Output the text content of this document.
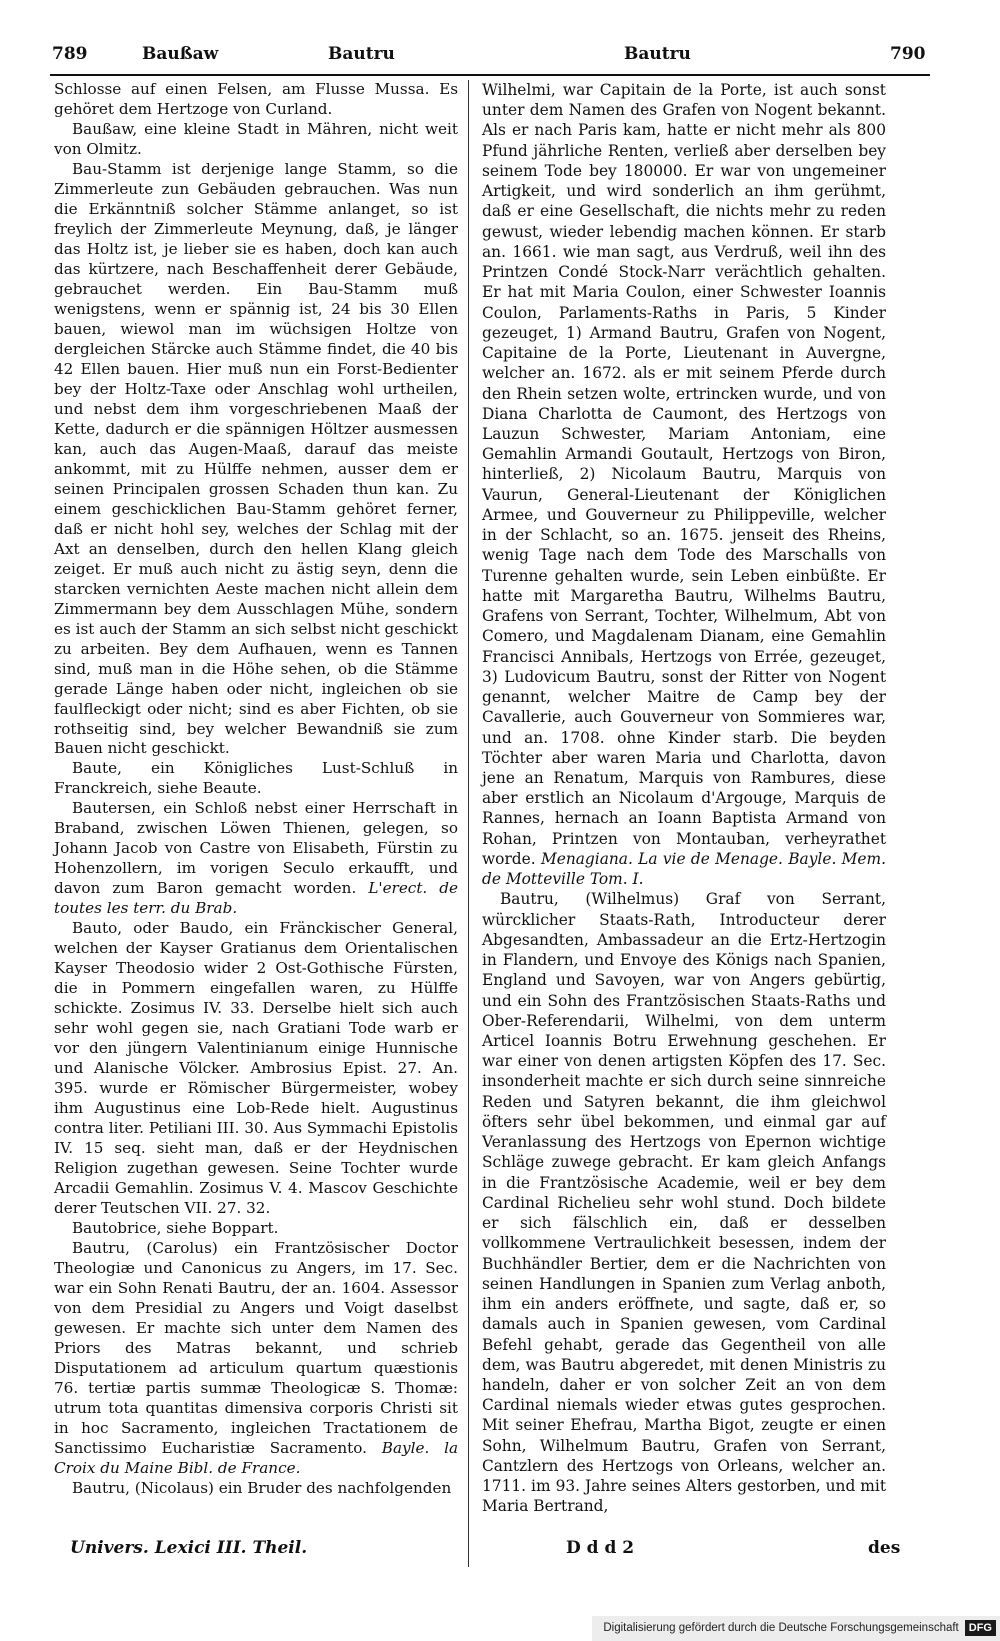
789	Baußaw	Bautru	Bautru	790

Schlosse auf einen Felsen, am Flusse Mussa. Es gehöret dem Hertzoge von Curland.

Baußaw, eine kleine Stadt in Mähren, nicht weit von Olmitz.

Bau-Stamm ist derjenige lange Stamm, so die Zimmerleute zun Gebäuden gebrauchen. Was nun die Erkänntniß solcher Stämme anlanget, so ist freylich der Zimmerleute Meynung, daß, je länger das Holtz ist, je lieber sie es haben, doch kan auch das kürtzere, nach Beschaffenheit derer Gebäude, gebrauchet werden. Ein Bau-Stamm muß wenigstens, wenn er spännig ist, 24 bis 30 Ellen bauen, wiewol man im wüchsigen Holtze von dergleichen Stärcke auch Stämme findet, die 40 bis 42 Ellen bauen. Hier muß nun ein Forst-Bedienter bey der Holtz-Taxe oder Anschlag wohl urtheilen, und nebst dem ihm vorgeschriebenen Maaß der Kette, dadurch er die spännigen Höltzer ausmessen kan, auch das Augen-Maaß, darauf das meiste ankommt, mit zu Hülffe nehmen, ausser dem er seinen Principalen grossen Schaden thun kan. Zu einem geschicklichen Bau-Stamm gehöret ferner, daß er nicht hohl sey, welches der Schlag mit der Axt an denselben, durch den hellen Klang gleich zeiget. Er muß auch nicht zu ästig seyn, denn die starcken vernichten Aeste machen nicht allein dem Zimmermann bey dem Ausschlagen Mühe, sondern es ist auch der Stamm an sich selbst nicht geschickt zu arbeiten. Bey dem Aufhauen, wenn es Tannen sind, muß man in die Höhe sehen, ob die Stämme gerade Länge haben oder nicht, ingleichen ob sie faulfleckigt oder nicht; sind es aber Fichten, ob sie rothseitig sind, bey welcher Bewandniß sie zum Bauen nicht geschickt.

Baute, ein Königliches Lust-Schluß in Franckreich, siehe Beaute.

Bautersen, ein Schloß nebst einer Herrschaft in Braband, zwischen Löwen Thienen, gelegen, so Johann Jacob von Castre von Elisabeth, Fürstin zu Hohenzollern, im vorigen Seculo erkaufft, und davon zum Baron gemacht worden. L'erect. de toutes les terr. du Brab.

Bauto, oder Baudo, ein Fränckischer General, welchen der Kayser Gratianus dem Orientalischen Kayser Theodosio wider 2 Ost-Gothische Fürsten, die in Pommern eingefallen waren, zu Hülffe schickte. Zosimus IV. 33. Derselbe hielt sich auch sehr wohl gegen sie, nach Gratiani Tode warb er vor den jüngern Valentinianum einige Hunnische und Alanische Völcker. Ambrosius Epist. 27. An. 395. wurde er Römischer Bürgermeister, wobey ihm Augustinus eine Lob-Rede hielt. Augustinus contra liter. Petiliani III. 30. Aus Symmachi Epistolis IV. 15 seq. sieht man, daß er der Heydnischen Religion zugethan gewesen. Seine Tochter wurde Arcadii Gemahlin. Zosimus V. 4. Mascov Geschichte derer Teutschen VII. 27. 32.

Bautobrice, siehe Boppart.

Bautru, (Carolus) ein Frantzösischer Doctor Theologiæ und Canonicus zu Angers, im 17. Sec. war ein Sohn Renati Bautru, der an. 1604. Assessor von dem Presidial zu Angers und Voigt daselbst gewesen. Er machte sich unter dem Namen des Priors des Matras bekannt, und schrieb Disputationem ad articulum quartum quæstionis 76. tertiæ partis summæ Theologicæ S. Thomæ: utrum tota quantitas dimensiva corporis Christi sit in hoc Sacramento, ingleichen Tractationem de Sanctissimo Eucharistiæ Sacramento. Bayle. la Croix du Maine Bibl. de France.

Bautru, (Nicolaus) ein Bruder des nachfolgenden

Wilhelmi, war Capitain de la Porte, ist auch sonst unter dem Namen des Grafen von Nogent bekannt. Als er nach Paris kam, hatte er nicht mehr als 800 Pfund jährliche Renten, verließ aber derselben bey seinem Tode bey 180000. Er war von ungemeiner Artigkeit, und wird sonderlich an ihm gerühmt, daß er eine Gesellschaft, die nichts mehr zu reden gewust, wieder lebendig machen können. Er starb an. 1661. wie man sagt, aus Verdruß, weil ihn des Printzen Condé Stock-Narr verächtlich gehalten. Er hat mit Maria Coulon, einer Schwester Ioannis Coulon, Parlaments-Raths in Paris, 5 Kinder gezeuget, 1) Armand Bautru, Grafen von Nogent, Capitaine de la Porte, Lieutenant in Auvergne, welcher an. 1672. als er mit seinem Pferde durch den Rhein setzen wolte, ertrincken wurde, und von Diana Charlotta de Caumont, des Hertzogs von Lauzun Schwester, Mariam Antoniam, eine Gemahlin Armandi Goutault, Hertzogs von Biron, hinterließ, 2) Nicolaum Bautru, Marquis von Vaurun, General-Lieutenant der Königlichen Armee, und Gouverneur zu Philippeville, welcher in der Schlacht, so an. 1675. jenseit des Rheins, wenig Tage nach dem Tode des Marschalls von Turenne gehalten wurde, sein Leben einbüßte. Er hatte mit Margaretha Bautru, Wilhelms Bautru, Grafens von Serrant, Tochter, Wilhelmum, Abt von Comero, und Magdalenam Dianam, eine Gemahlin Francisci Annibals, Hertzogs von Errée, gezeuget, 3) Ludovicum Bautru, sonst der Ritter von Nogent genannt, welcher Maitre de Camp bey der Cavallerie, auch Gouverneur von Sommieres war, und an. 1708. ohne Kinder starb. Die beyden Töchter aber waren Maria und Charlotta, davon jene an Renatum, Marquis von Rambures, diese aber erstlich an Nicolaum d'Argouge, Marquis de Rannes, hernach an Ioann Baptista Armand von Rohan, Printzen von Montauban, verheyrathet worde. Menagiana. La vie de Menage. Bayle. Mem. de Motteville Tom. I.

Bautru, (Wilhelmus) Graf von Serrant, würcklicher Staats-Rath, Introducteur derer Abgesandten, Ambassadeur an die Ertz-Hertzogin in Flandern, und Envoye des Königs nach Spanien, England und Savoyen, war von Angers gebürtig, und ein Sohn des Frantzösischen Staats-Raths und Ober-Referendarii, Wilhelmi, von dem unterm Articel Ioannis Botru Erwehnung geschehen. Er war einer von denen artigsten Köpfen des 17. Sec. insonderheit machte er sich durch seine sinnreiche Reden und Satyren bekannt, die ihm gleichwol öfters sehr übel bekommen, und einmal gar auf Veranlassung des Hertzogs von Epernon wichtige Schläge zuwege gebracht. Er kam gleich Anfangs in die Frantzösische Academie, weil er bey dem Cardinal Richelieu sehr wohl stund. Doch bildete er sich fälschlich ein, daß er desselben vollkommene Vertraulichkeit besessen, indem der Buchhändler Bertier, dem er die Nachrichten von seinen Handlungen in Spanien zum Verlag anboth, ihm ein anders eröffnete, und sagte, daß er, so damals auch in Spanien gewesen, vom Cardinal Befehl gehabt, gerade das Gegentheil von alle dem, was Bautru abgeredet, mit denen Ministris zu handeln, daher er von solcher Zeit an von dem Cardinal niemals wieder etwas gutes gesprochen. Mit seiner Ehefrau, Martha Bigot, zeugte er einen Sohn, Wilhelmum Bautru, Grafen von Serrant, Cantzlern des Hertzogs von Orleans, welcher an. 1711. im 93. Jahre seines Alters gestorben, und mit Maria Bertrand,

Univers. Lexici III. Theil.	D d d 2	des
Digitalisierung gefördert durch die Deutsche Forschungsgemeinschaft DFG
